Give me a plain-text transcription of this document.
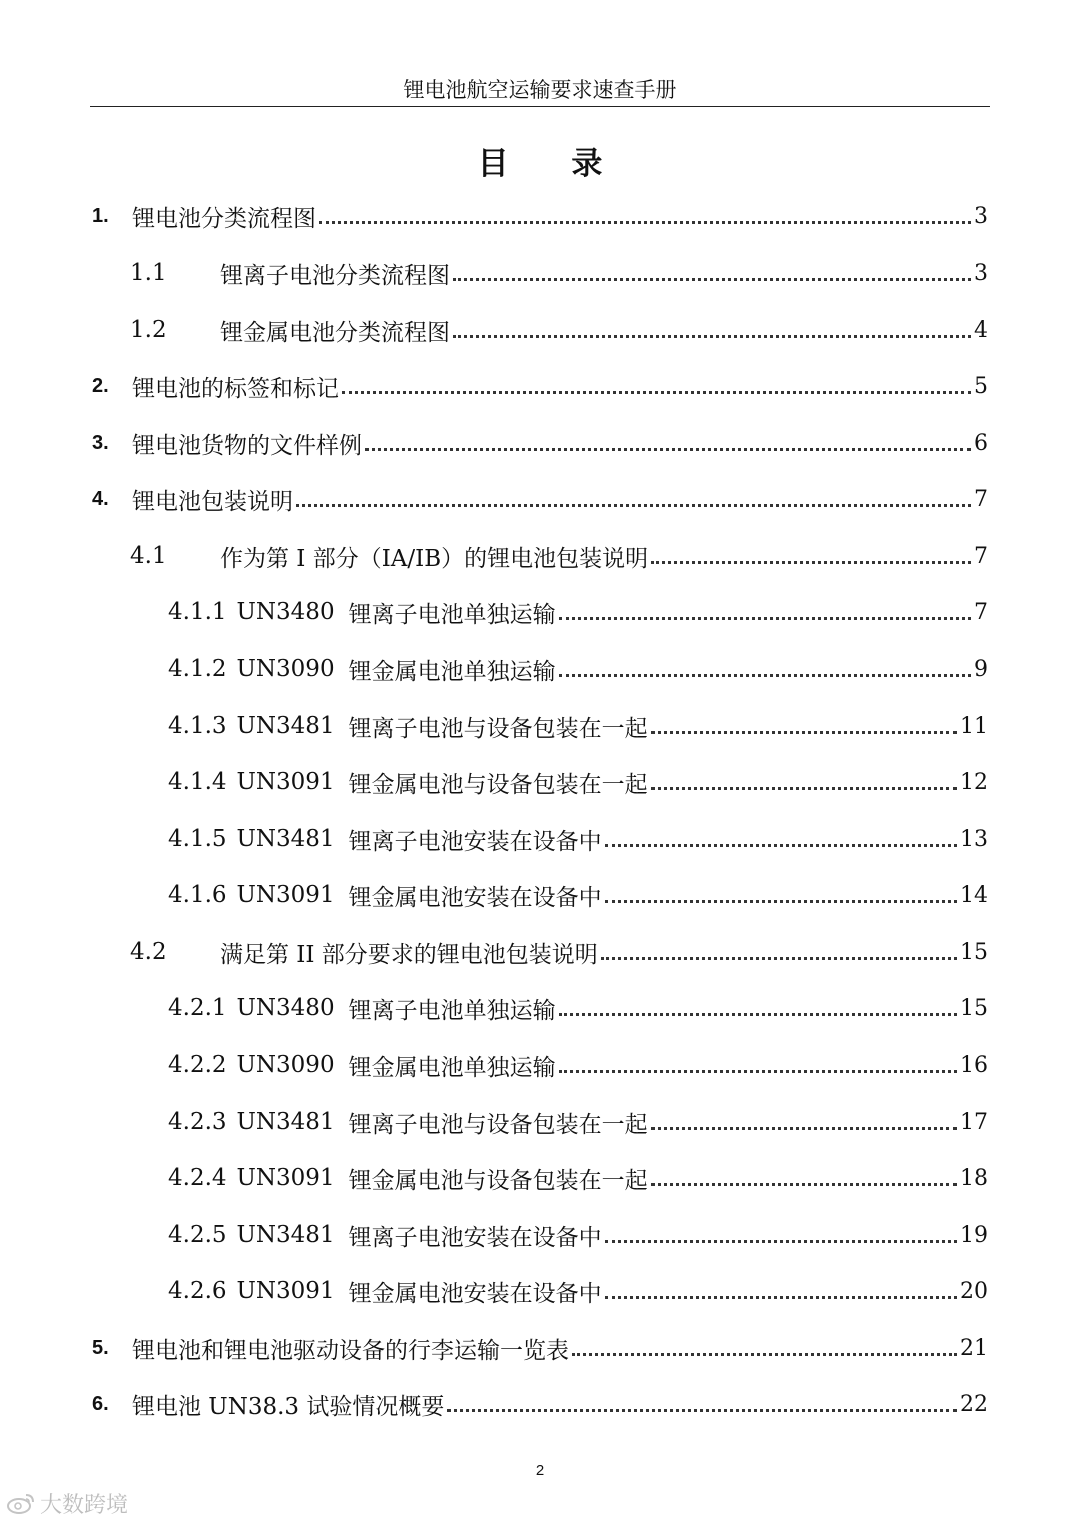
锂电池航空运输要求速查手册
目 录
1.	锂电池分类流程图	3
1.1	锂离子电池分类流程图	3
1.2	锂金属电池分类流程图	4
2.	锂电池的标签和标记	5
3.	锂电池货物的文件样例	6
4.	锂电池包装说明	7
4.1	作为第 I 部分（IA/IB）的锂电池包装说明	7
4.1.1 UN3480 锂离子电池单独运输	7
4.1.2 UN3090 锂金属电池单独运输	9
4.1.3 UN3481 锂离子电池与设备包装在一起	11
4.1.4 UN3091 锂金属电池与设备包装在一起	12
4.1.5 UN3481 锂离子电池安装在设备中	13
4.1.6 UN3091 锂金属电池安装在设备中	14
4.2	满足第 II 部分要求的锂电池包装说明	15
4.2.1 UN3480 锂离子电池单独运输	15
4.2.2 UN3090 锂金属电池单独运输	16
4.2.3 UN3481 锂离子电池与设备包装在一起	17
4.2.4 UN3091 锂金属电池与设备包装在一起	18
4.2.5 UN3481 锂离子电池安装在设备中	19
4.2.6 UN3091 锂金属电池安装在设备中	20
5.	锂电池和锂电池驱动设备的行李运输一览表	21
6.	锂电池 UN38.3 试验情况概要	22
2
大数跨境
